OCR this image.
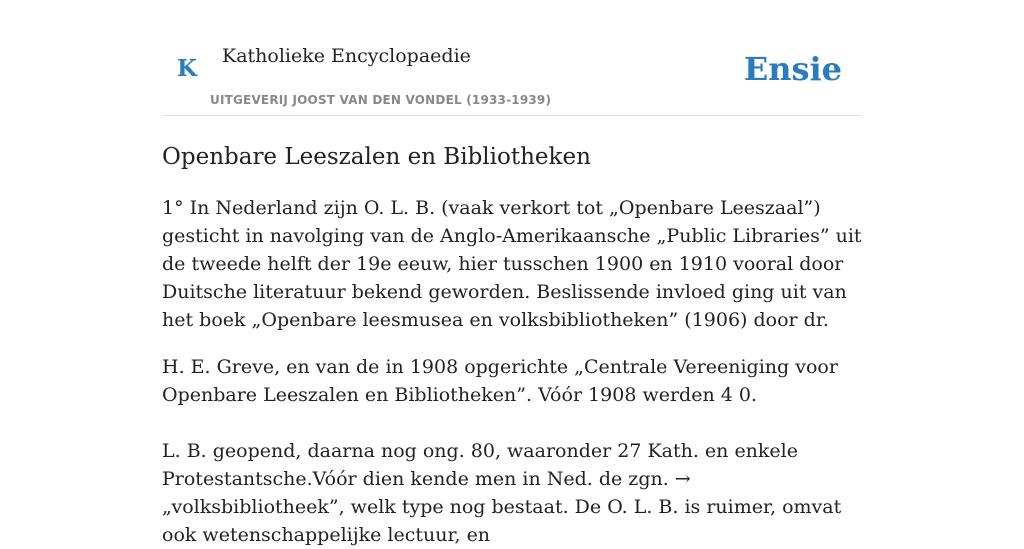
K Katholieke Encyclopaedie
UITGEVERIJ JOOST VAN DEN VONDEL (1933-1939)
Ensie
Openbare Leeszalen en Bibliotheken

1° In Nederland zijn O. L. B. (vaak verkort tot „Openbare Leeszaal”) gesticht in navolging van de Anglo-Amerikaansche „Public Libraries” uit de tweede helft der 19e eeuw, hier tusschen 1900 en 1910 vooral door Duitsche literatuur bekend geworden. Beslissende invloed ging uit van het boek „Openbare leesmusea en volksbibliotheken” (1906) door dr.

H. E. Greve, en van de in 1908 opgerichte „Centrale Vereeniging voor Openbare Leeszalen en Bibliotheken”. Vóór 1908 werden 4 0.

L. B. geopend, daarna nog ong. 80, waaronder 27 Kath. en enkele Protestantsche.Vóór dien kende men in Ned. de zgn. → „volksbibliotheek”, welk type nog bestaat. De O. L. B. is ruimer, omvat ook wetenschappelijke lectuur, en
